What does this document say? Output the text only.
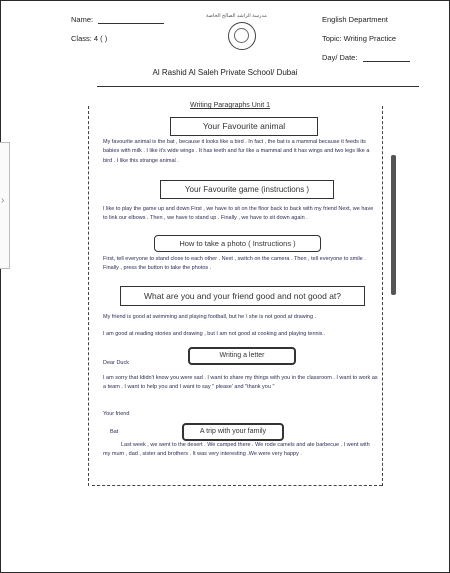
Name:
Class: 4 ( )
مدرسة الراشد الصالح الخاصة	English Department
Topic: Writing Practice
Day/ Date:
Al Rashid Al Saleh Private School/ Dubai
›
Writing Paragraphs Unit 1
Your Favourite animal
My favourite animal is the bat , because it looks like a bird . In fact , the bat is a mammal because it feeds its babies with milk . I like it's wide wings . It has teeth and fur like a mammal and it has wings and two legs like a bird . I like this strange animal .
Your Favourite game (instructions )
I like to play the game up and down First , we have to sit on the floor back to back with my friend Next, we have to link our elbows . Then , we have to stand up . Finally , we have to sit down again .
How to take a photo ( Instructions )
First, tell everyone to stand close to each other . Next , switch on the camera . Then , tell everyone to smile . Finally , press the button to take the photos .
What are you and your friend good and not good at?
My friend is good at swimming and playing football, but he \ she is not good at drawing .
I am good at reading stories and drawing , but I am not good at cooking and playing tennis .
Writing a letter
Dear Duck
I am sorry that Ididn't know you were sad . I want to share my things with you in the classroom . I want to work as a team . I want to help you and I want to say " please' and "thank you "
Your friend
Bat	A trip with your family
Last week , we went to the desert . We camped there . We rode camels and ate barbecue . I went with my mum , dad , sister and brothers . It was very interesting .We were very happy .
